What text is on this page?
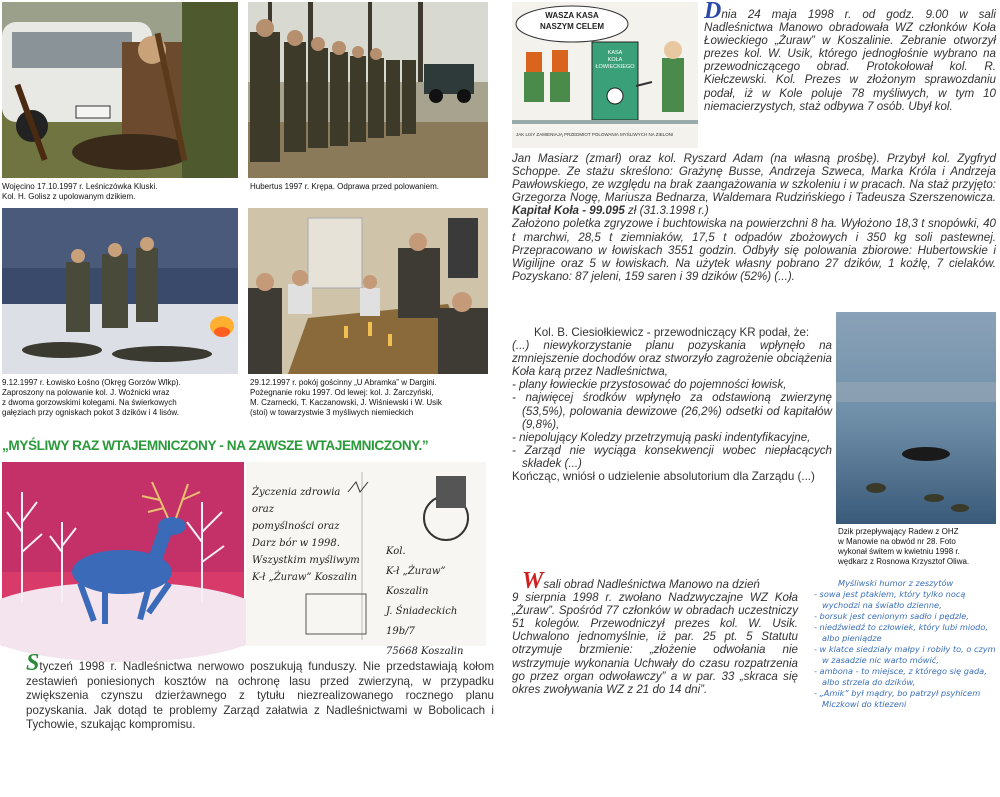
Wojęcino 17.10.1997 r. Leśniczówka Kluski.
Kol. H. Golisz z upolowanym dzikiem.
Hubertus 1997 r. Krępa. Odprawa przed polowaniem.
9.12.1997 r. Łowisko Łośno (Okręg Gorzów Wlkp).
Zaproszony na polowanie kol. J. Woźnicki wraz
z dwoma gorzowskimi kolegami. Na świerkowych
gałęziach przy ogniskach pokot 3 dzików i 4 lisów.
29.12.1997 r. pokój gościnny „U Abramka” w Dargini.
Pożegnanie roku 1997. Od lewej: kol. J. Żarczyński,
M. Czarnecki, T. Kaczanowski, J. Wiśniewski i W. Usik
(stoi) w towarzystwie 3 myśliwych niemieckich
„MYŚLIWY RAZ WTAJEMNICZONY - NA ZAWSZE WTAJEMNICZONY.”
Życzenia zdrowia oraz
pomyślności oraz
Darz bór w 1998.
Wszystkim myśliwym
K-ł „Żuraw” Koszalin
Kol.
K-ł „Żuraw” Koszalin
J. Śniadeckich 19b/7
75668 Koszalin
WASZA KASA
NASZYM CELEM
KASA
KOŁA
ŁOWIECKIEGO
JAK LISY ZAMIENIAJĄ PRZEDMIOT POLOWANIA MYŚLIWYCH NA ZIELONI
Dzik przepływający Radew z OHZ
w Manowie na obwód nr 28. Foto
wykonał świtem w kwietniu 1998 r.
wędkarz z Rosnowa Krzysztof Oliwa.
Dnia 24 maja 1998 r. od godz. 9.00 w sali Nadleśnictwa Manowo obradowała WZ członków Koła Łowieckiego „Żuraw” w Koszalinie. Zebranie otworzył prezes kol. W. Usik, którego jednogłośnie wybrano na przewodniczącego obrad. Protokołował kol. R. Kiełczewski. Kol. Prezes w złożonym sprawozdaniu podał, iż w Kole poluje 78 myśliwych, w tym 10 niemacierzystych, staż odbywa 7 osób. Ubył kol.

Jan Masiarz (zmarł) oraz kol. Ryszard Adam (na własną prośbę). Przybył kol. Zygfryd Schoppe. Ze stażu skreślono: Grażynę Busse, Andrzeja Szweca, Marka Króla i Andrzeja Pawłowskiego, ze względu na brak zaangażowania w szkoleniu i w pracach. Na staż przyjęto: Grzegorza Nogę, Mariusza Bednarza, Waldemara Rudzińskiego i Tadeusza Szerszenowicza. Kapitał Koła - 99.095 zł (31.3.1998 r.)

Założono poletka zgryzowe i buchtowiska na powierzchni 8 ha. Wyłożono 18,3 t snopówki, 40 t marchwi, 28,5 t ziemniaków, 17,5 t odpadów zbożowych i 350 kg soli pastewnej. Przepracowano w łowiskach 3551 godzin. Odbyły się polowania zbiorowe: Hubertowskie i Wigilijne oraz 5 w łowiskach. Na użytek własny pobrano 27 dzików, 1 koźlę, 7 cielaków. Pozyskano: 87 jeleni, 159 saren i 39 dzików (52%) (...).

Kol. B. Ciesiołkiewicz - przewodniczący KR podał, że:

(...) niewykorzystanie planu pozyskania wpłynęło na zmniejszenie dochodów oraz stworzyło zagrożenie obciążenia Koła karą przez Nadleśnictwa,

- plany łowieckie przystosować do pojemności łowisk,
- najwięcej środków wpłynęło za odstawioną zwierzynę (53,5%), polowania dewizowe (26,2%) odsetki od kapitałów (9,8%),
- niepolujący Koledzy przetrzymują paski indentyfikacyjne,
- Zarząd nie wyciąga konsekwencji wobec niepłacących składek (...)

Kończąc, wniósł o udzielenie absolutorium dla Zarządu (...)

Wsali obrad Nadleśnictwa Manowo na dzień

9 sierpnia 1998 r. zwołano Nadzwyczajne WZ Koła „Żuraw”. Spośród 77 członków w obradach uczestniczy 51 kolegów. Przewodniczył prezes kol. W. Usik. Uchwalono jednomyślnie, iż par. 25 pt. 5 Statutu otrzymuje brzmienie: „złożenie odwołania nie wstrzymuje wykonania Uchwały do czasu rozpatrzenia go przez organ odwoławczy” a w par. 33 „skraca się okres zwoływania WZ z 21 do 14 dni”.

Myśliwski humor z zeszytów
- sowa jest ptakiem, który tylko nocą wychodzi na światło dzienne,
- borsuk jest cenionym sadło i pędzle,
- niedźwiedź to człowiek, który lubi miodo, albo pieniądze
- w klatce siedziały małpy i robiły to, o czym w zasadzie nic warto mówić,
- ambona - to miejsce, z którego się gada, albo strzela do dzików,
- „Amik” był mądry, bo patrzył psyhicem Miczkowi do ktiezeni
Styczeń 1998 r. Nadleśnictwa nerwowo poszukują funduszy. Nie przedstawiają kołom zestawień poniesionych kosztów na ochronę lasu przed zwierzyną, w przypadku zwiększenia czynszu dzierżawnego z tytułu niezrealizowanego rocznego planu pozyskania. Jak dotąd te problemy Zarząd załatwia z Nadleśnictwami w Bobolicach i Tychowie, szukając kompromisu.
